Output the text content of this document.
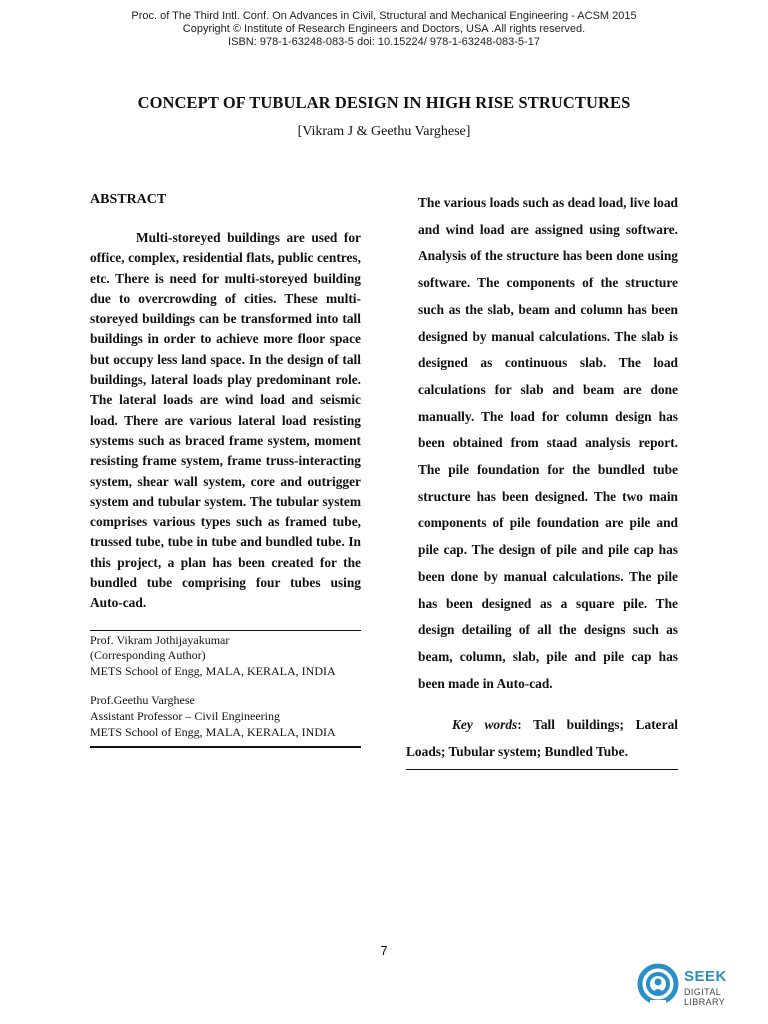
Proc. of The Third Intl. Conf. On Advances in Civil, Structural and Mechanical Engineering - ACSM 2015
Copyright © Institute of Research Engineers and Doctors, USA .All rights reserved.
ISBN: 978-1-63248-083-5 doi: 10.15224/ 978-1-63248-083-5-17
CONCEPT OF TUBULAR DESIGN IN HIGH RISE STRUCTURES
[Vikram J & Geethu Varghese]
ABSTRACT

Multi-storeyed buildings are used for office, complex, residential flats, public centres, etc. There is need for multi-storeyed building due to overcrowding of cities. These multi-storeyed buildings can be transformed into tall buildings in order to achieve more floor space but occupy less land space. In the design of tall buildings, lateral loads play predominant role. The lateral loads are wind load and seismic load. There are various lateral load resisting systems such as braced frame system, moment resisting frame system, frame truss-interacting system, shear wall system, core and outrigger system and tubular system. The tubular system comprises various types such as framed tube, trussed tube, tube in tube and bundled tube. In this project, a plan has been created for the bundled tube comprising four tubes using Auto-cad.

Prof. Vikram Jothijayakumar

(Corresponding Author)

METS School of Engg, MALA, KERALA, INDIA

Prof.Geethu Varghese

Assistant Professor – Civil Engineering

METS School of Engg, MALA, KERALA, INDIA

The various loads such as dead load, live load and wind load are assigned using software. Analysis of the structure has been done using software. The components of the structure such as the slab, beam and column has been designed by manual calculations. The slab is designed as continuous slab. The load calculations for slab and beam are done manually. The load for column design has been obtained from staad analysis report. The pile foundation for the bundled tube structure has been designed. The two main components of pile foundation are pile and pile cap. The design of pile and pile cap has been done by manual calculations. The pile has been designed as a square pile. The design detailing of all the designs such as beam, column, slab, pile and pile cap has been made in Auto-cad.

Key words: Tall buildings; Lateral Loads; Tubular system; Bundled Tube.

7
SEEK
DIGITAL LIBRARY
